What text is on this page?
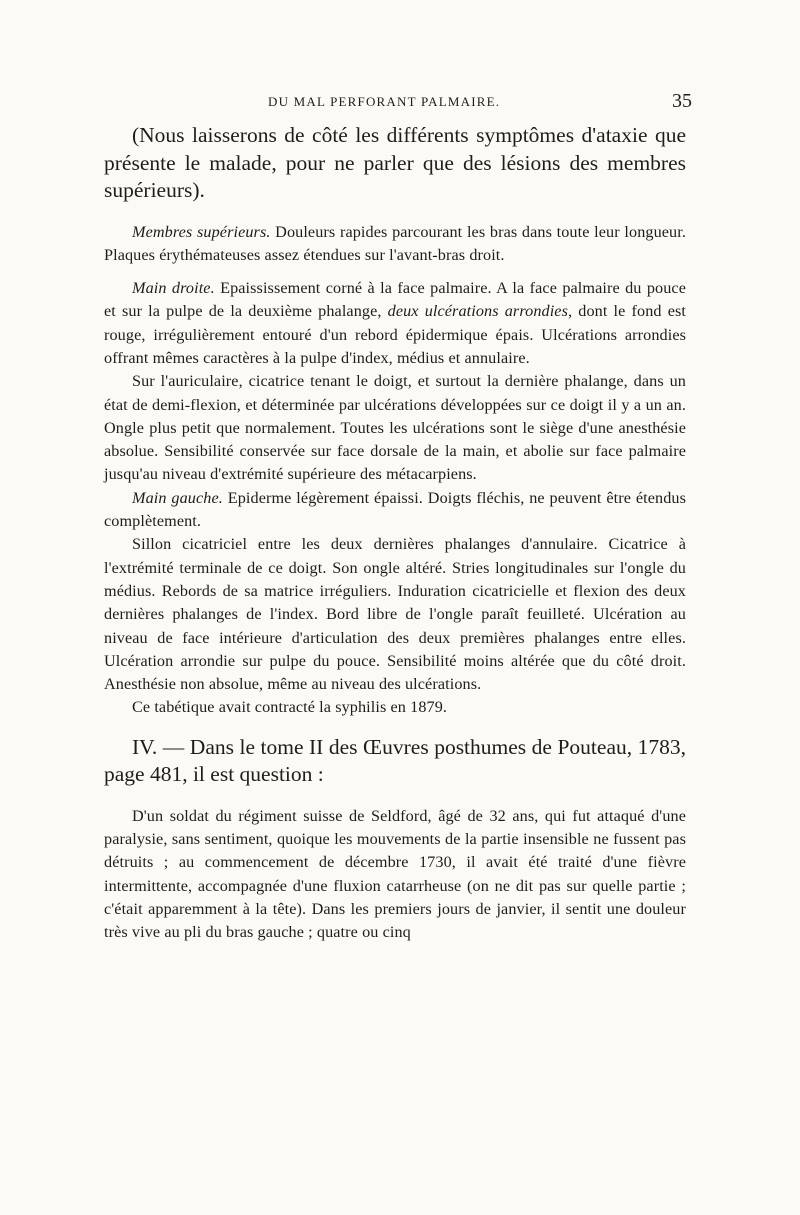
DU MAL PERFORANT PALMAIRE.	35

(Nous laisserons de côté les différents symptômes d'ataxie que présente le malade, pour ne parler que des lésions des membres supérieurs).

Membres supérieurs. Douleurs rapides parcourant les bras dans toute leur longueur. Plaques érythémateuses assez étendues sur l'avant-bras droit.

Main droite. Epaississement corné à la face palmaire. A la face palmaire du pouce et sur la pulpe de la deuxième phalange, deux ulcérations arrondies, dont le fond est rouge, irrégulièrement entouré d'un rebord épidermique épais. Ulcérations arrondies offrant mêmes caractères à la pulpe d'index, médius et annulaire.

Sur l'auriculaire, cicatrice tenant le doigt, et surtout la dernière phalange, dans un état de demi-flexion, et déterminée par ulcérations développées sur ce doigt il y a un an. Ongle plus petit que normalement. Toutes les ulcérations sont le siège d'une anesthésie absolue. Sensibilité conservée sur face dorsale de la main, et abolie sur face palmaire jusqu'au niveau d'extrémité supérieure des métacarpiens.

Main gauche. Epiderme légèrement épaissi. Doigts fléchis, ne peuvent être étendus complètement.

Sillon cicatriciel entre les deux dernières phalanges d'annulaire. Cicatrice à l'extrémité terminale de ce doigt. Son ongle altéré. Stries longitudinales sur l'ongle du médius. Rebords de sa matrice irréguliers. Induration cicatricielle et flexion des deux dernières phalanges de l'index. Bord libre de l'ongle paraît feuilleté. Ulcération au niveau de face intérieure d'articulation des deux premières phalanges entre elles. Ulcération arrondie sur pulpe du pouce. Sensibilité moins altérée que du côté droit. Anesthésie non absolue, même au niveau des ulcérations.

Ce tabétique avait contracté la syphilis en 1879.

IV. — Dans le tome II des Œuvres posthumes de Pouteau, 1783, page 481, il est question :

D'un soldat du régiment suisse de Seldford, âgé de 32 ans, qui fut attaqué d'une paralysie, sans sentiment, quoique les mouvements de la partie insensible ne fussent pas détruits ; au commencement de décembre 1730, il avait été traité d'une fièvre intermittente, accompagnée d'une fluxion catarrheuse (on ne dit pas sur quelle partie ; c'était apparemment à la tête). Dans les premiers jours de janvier, il sentit une douleur très vive au pli du bras gauche ; quatre ou cinq
